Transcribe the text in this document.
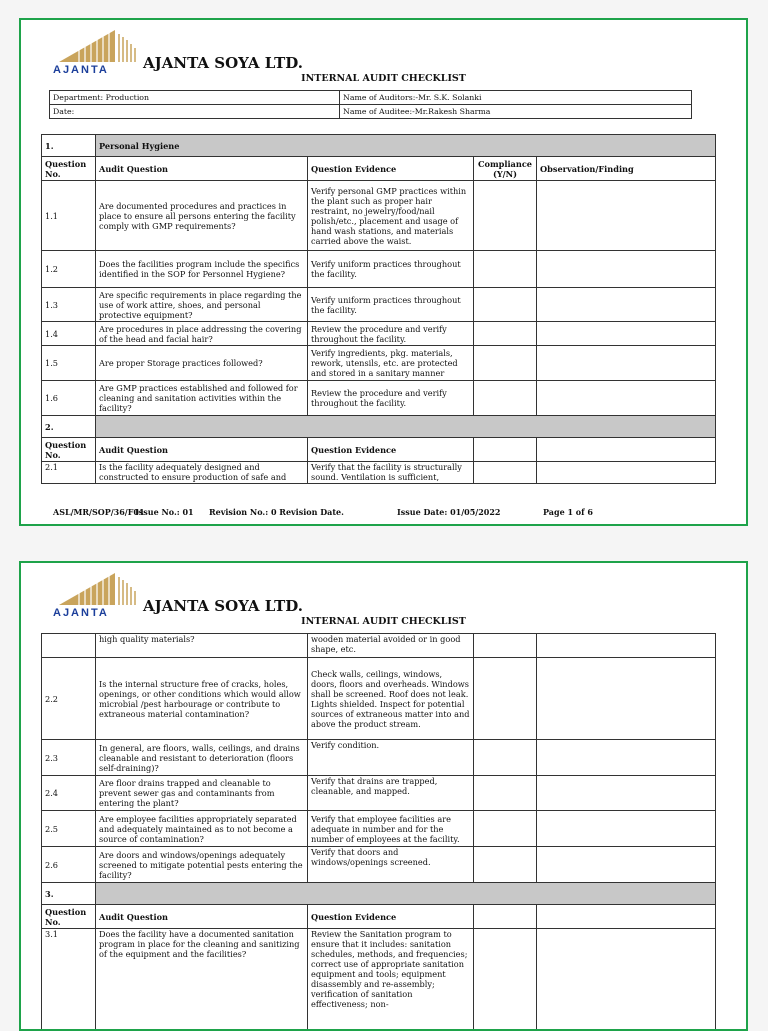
AJANTA AJANTA SOYA LTD.
INTERNAL AUDIT CHECKLIST
Department: Production	Name of Auditors:-Mr. S.K. Solanki
Date:	Name of Auditee:-Mr.Rakesh Sharma
1.	Personal Hygiene			
Question No.	Audit Question	Question Evidence	Compliance (Y/N)	Observation/Finding
1.1	Are documented procedures and practices in place to ensure all persons entering the facility comply with GMP requirements?	Verify personal GMP practices within the plant such as proper hair restraint, no jewelry/food/nail polish/etc., placement and usage of hand wash stations, and materials carried above the waist.		
1.2	Does the facilities program include the specifics identified in the SOP for Personnel Hygiene?	Verify uniform practices throughout the facility.		
1.3	Are specific requirements in place regarding the use of work attire, shoes, and personal protective equipment?	Verify uniform practices throughout the facility.		
1.4	Are procedures in place addressing the covering of the head and facial hair?	Review the procedure and verify throughout the facility.		
1.5	Are proper Storage practices followed?	Verify ingredients, pkg. materials, rework, utensils, etc. are protected and stored in a sanitary manner		
1.6	Are GMP practices established and followed for cleaning and sanitation activities within the facility?	Review the procedure and verify throughout the facility.		
2.				
Question No.	Audit Question	Question Evidence		
2.1	Is the facility adequately designed and constructed to ensure production of safe and	Verify that the facility is structurally sound. Ventilation is sufficient,		
ASL/MR/SOP/36/F01
Issue No.: 01 Revision No.: 0 Revision Date.	Issue Date: 01/05/2022	Page 1 of 6
AJANTA AJANTA SOYA LTD.
INTERNAL AUDIT CHECKLIST
	high quality materials?	wooden material avoided or in good shape, etc.		
2.2	Is the internal structure free of cracks, holes, openings, or other conditions which would allow microbial /pest harbourage or contribute to extraneous material contamination?	Check walls, ceilings, windows, doors, floors and overheads. Windows shall be screened. Roof does not leak. Lights shielded. Inspect for potential sources of extraneous matter into and above the product stream.		
2.3	In general, are floors, walls, ceilings, and drains cleanable and resistant to deterioration (floors self-draining)?	Verify condition.		
2.4	Are floor drains trapped and cleanable to prevent sewer gas and contaminants from entering the plant?	Verify that drains are trapped, cleanable, and mapped.		
2.5	Are employee facilities appropriately separated and adequately maintained as to not become a source of contamination?	Verify that employee facilities are adequate in number and for the number of employees at the facility.		
2.6	Are doors and windows/openings adequately screened to mitigate potential pests entering the facility?	Verify that doors and windows/openings screened.		
3.				
Question No.	Audit Question	Question Evidence		
3.1	Does the facility have a documented sanitation program in place for the cleaning and sanitizing of the equipment and the facilities?	Review the Sanitation program to ensure that it includes: sanitation schedules, methods, and frequencies; correct use of appropriate sanitation equipment and tools; equipment disassembly and re-assembly; verification of sanitation effectiveness; non-		
